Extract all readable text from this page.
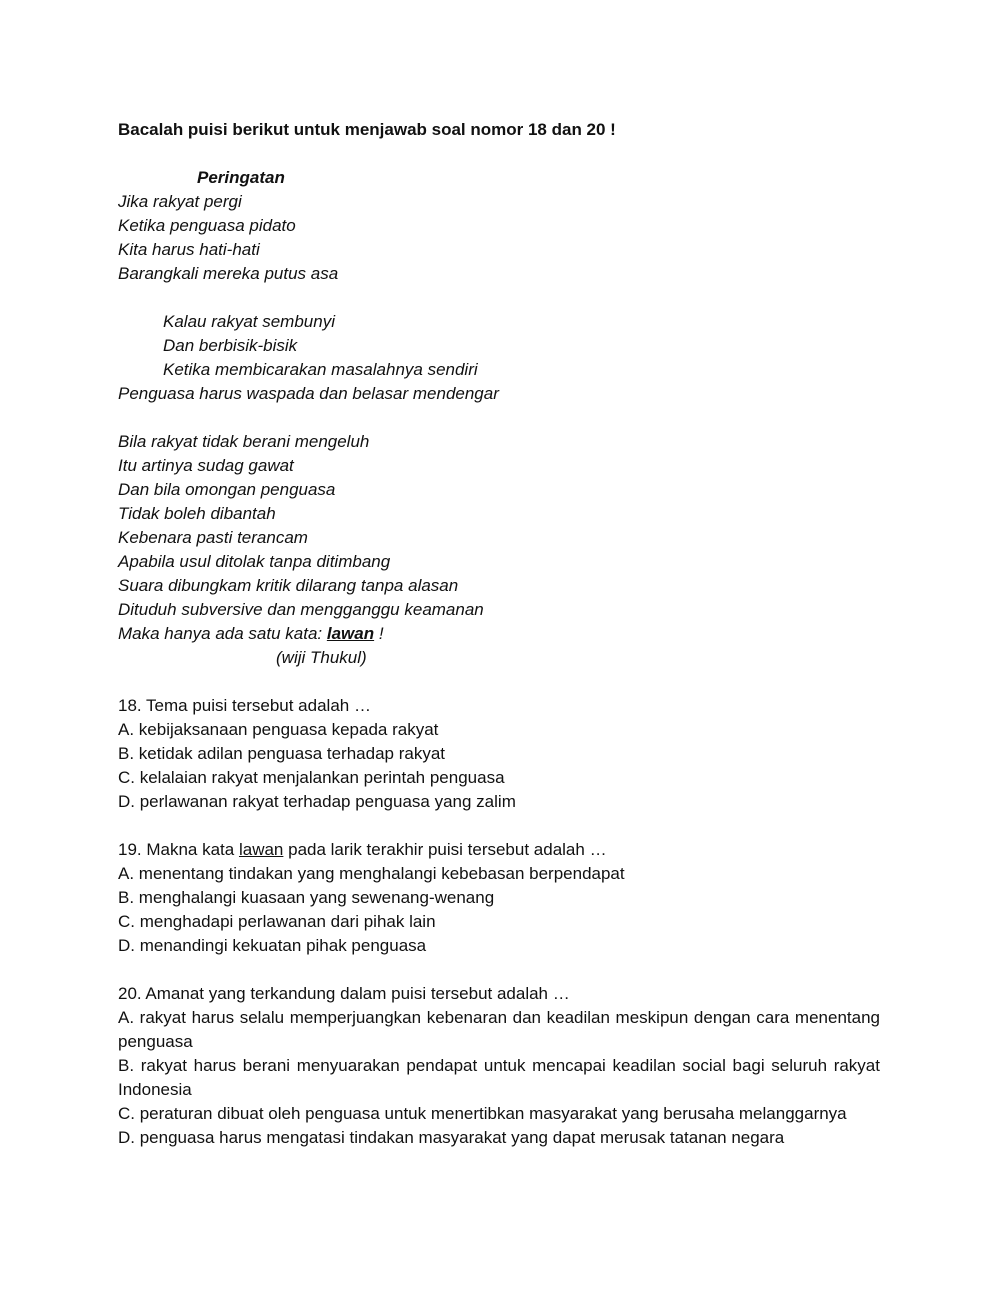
Bacalah puisi berikut untuk menjawab soal nomor 18 dan 20 !
Peringatan
Jika rakyat pergi
Ketika penguasa pidato
Kita harus hati-hati
Barangkali mereka putus asa
Kalau rakyat sembunyi
Dan berbisik-bisik
Ketika membicarakan masalahnya sendiri
Penguasa harus waspada dan belasar mendengar
Bila rakyat tidak berani mengeluh
Itu artinya sudag gawat
Dan bila omongan penguasa
Tidak boleh dibantah
Kebenara pasti terancam
Apabila usul ditolak tanpa ditimbang
Suara dibungkam kritik dilarang tanpa alasan
Dituduh subversive dan mengganggu keamanan
Maka hanya ada satu kata: lawan !
(wiji Thukul)
18. Tema puisi tersebut adalah …
A. kebijaksanaan penguasa kepada rakyat
B. ketidak adilan penguasa terhadap rakyat
C. kelalaian rakyat menjalankan perintah penguasa
D. perlawanan rakyat terhadap penguasa yang zalim
19. Makna kata lawan pada larik terakhir puisi tersebut adalah …
A. menentang tindakan yang menghalangi kebebasan berpendapat
B. menghalangi kuasaan yang sewenang-wenang
C. menghadapi perlawanan dari pihak lain
D. menandingi kekuatan pihak penguasa
20. Amanat yang terkandung dalam puisi tersebut adalah …
A. rakyat harus selalu memperjuangkan kebenaran dan keadilan meskipun dengan cara menentang penguasa
B. rakyat harus berani menyuarakan pendapat untuk mencapai keadilan social bagi seluruh rakyat Indonesia
C. peraturan dibuat oleh penguasa untuk menertibkan masyarakat yang berusaha melanggarnya
D. penguasa harus mengatasi tindakan masyarakat yang dapat merusak tatanan negara
